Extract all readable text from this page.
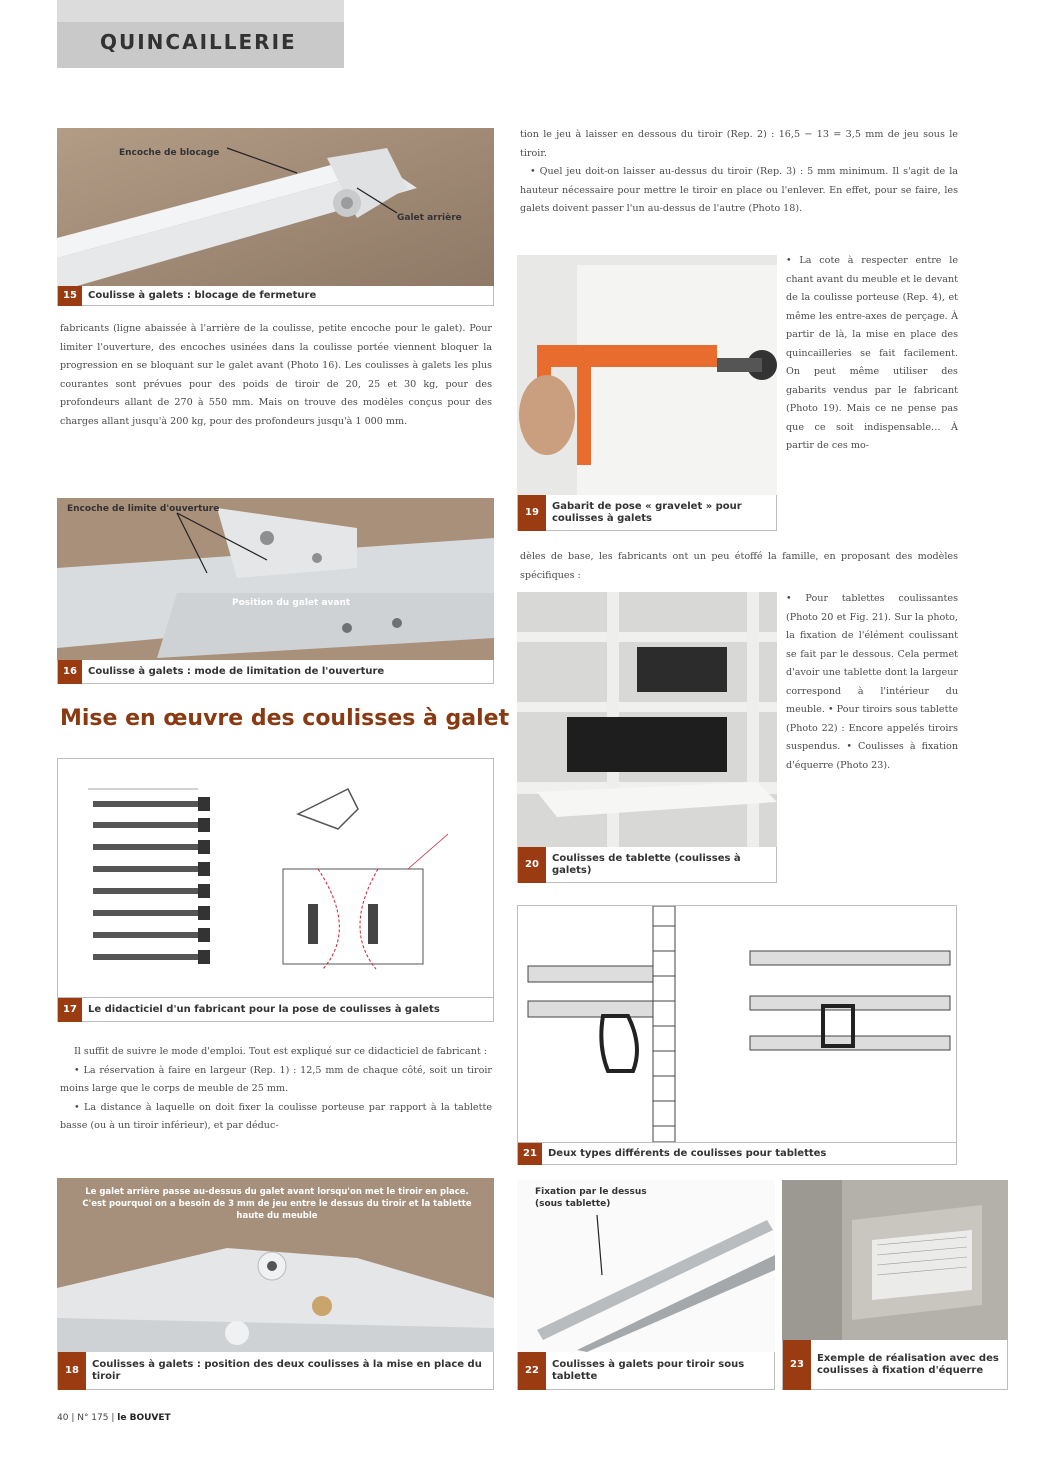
QUINCAILLERIE
Encoche de blocage
Galet arrière
15	Coulisse à galets : blocage de fermeture

fabricants (ligne abaissée à l'arrière de la coulisse, petite encoche pour le galet). Pour limiter l'ouverture, des encoches usinées dans la coulisse portée viennent bloquer la progression en se bloquant sur le galet avant (Photo 16). Les coulisses à galets les plus courantes sont prévues pour des poids de tiroir de 20, 25 et 30 kg, pour des profondeurs allant de 270 à 550 mm. Mais on trouve des modèles conçus pour des charges allant jusqu'à 200 kg, pour des profondeurs jusqu'à 1 000 mm.

Encoche de limite d'ouverture
Position du galet avant
16	Coulisse à galets : mode de limitation de l'ouverture
Mise en œuvre des coulisses à galet
17	Le didacticiel d'un fabricant pour la pose de coulisses à galets

Il suffit de suivre le mode d'emploi. Tout est expliqué sur ce didacticiel de fabricant :

• La réservation à faire en largeur (Rep. 1) : 12,5 mm de chaque côté, soit un tiroir moins large que le corps de meuble de 25 mm.

• La distance à laquelle on doit fixer la coulisse porteuse par rapport à la tablette basse (ou à un tiroir inférieur), et par déduc-

Le galet arrière passe au-dessus du galet avant lorsqu'on met le tiroir en place. C'est pourquoi on a besoin de 3 mm de jeu entre le dessus du tiroir et la tablette haute du meuble
18
Coulisses à galets : position des deux coulisses à la mise en place du tiroir

tion le jeu à laisser en dessous du tiroir (Rep. 2) : 16,5 − 13 = 3,5 mm de jeu sous le tiroir.

• Quel jeu doit-on laisser au-dessus du tiroir (Rep. 3) : 5 mm minimum. Il s'agit de la hauteur nécessaire pour mettre le tiroir en place ou l'enlever. En effet, pour se faire, les galets doivent passer l'un au-dessus de l'autre (Photo 18).

19
Gabarit de pose « gravelet » pour coulisses à galets

• La cote à respecter entre le chant avant du meuble et le devant de la coulisse porteuse (Rep. 4), et même les entre-axes de perçage. À partir de là, la mise en place des quincailleries se fait facilement. On peut même utiliser des gabarits vendus par le fabricant (Photo 19). Mais ce ne pense pas que ce soit indispensable… À partir de ces mo-

dèles de base, les fabricants ont un peu étoffé la famille, en proposant des modèles spécifiques :

20
Coulisses de tablette (coulisses à galets)

• Pour tablettes coulissantes (Photo 20 et Fig. 21). Sur la photo, la fixation de l'élément coulissant se fait par le dessous. Cela permet d'avoir une tablette dont la largeur correspond à l'intérieur du meuble. • Pour tiroirs sous tablette (Photo 22) : Encore appelés tiroirs suspendus. • Coulisses à fixation d'équerre (Photo 23).

21	Deux types différents de coulisses pour tablettes
Fixation par le dessus (sous tablette)
22
Coulisses à galets pour tiroir sous tablette
23
Exemple de réalisation avec des coulisses à fixation d'équerre
40 | N° 175 | le BOUVET
